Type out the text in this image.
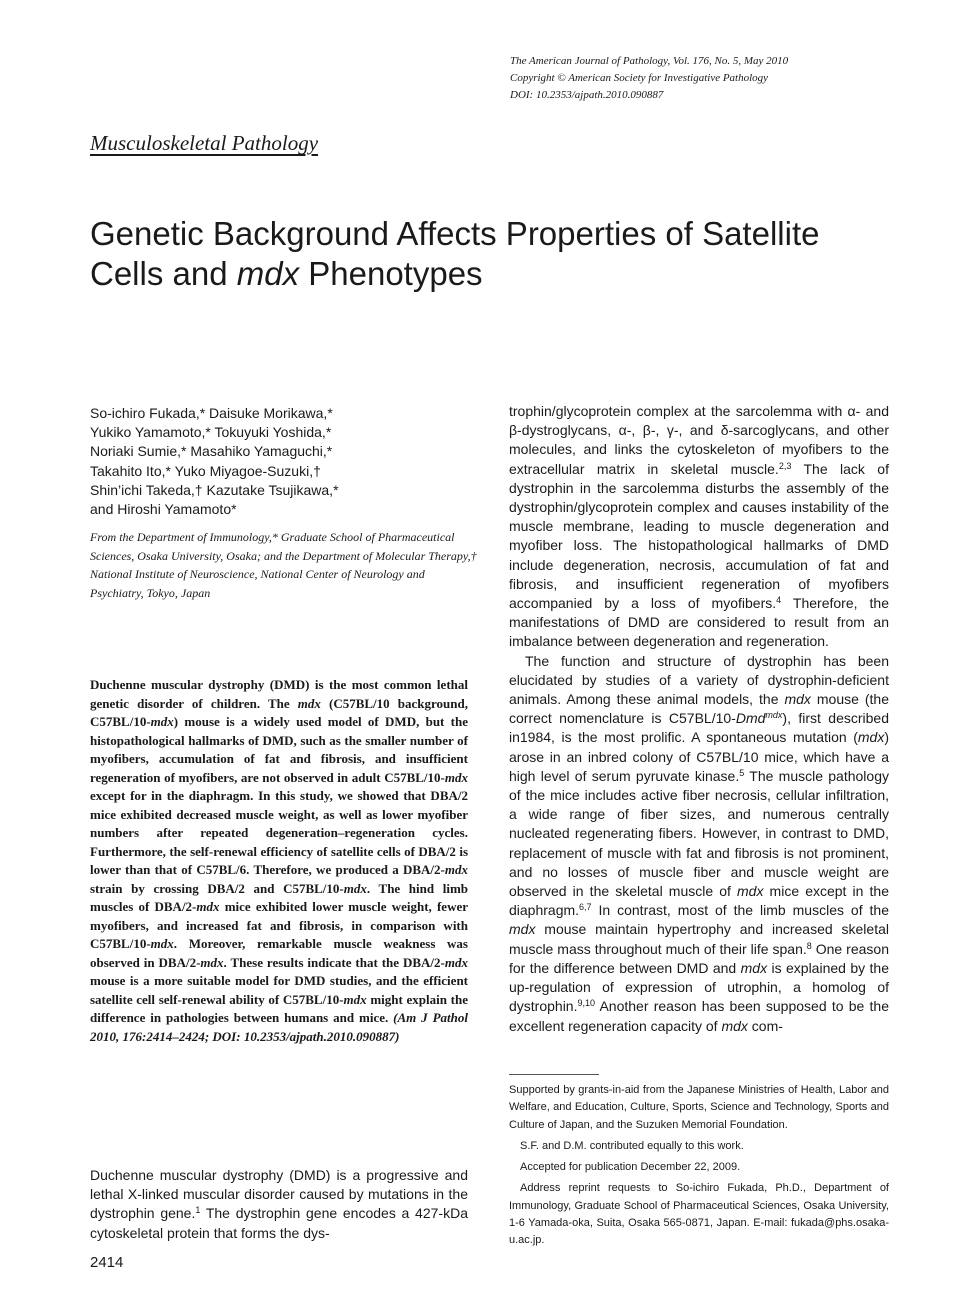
The American Journal of Pathology, Vol. 176, No. 5, May 2010
Copyright © American Society for Investigative Pathology
DOI: 10.2353/ajpath.2010.090887
Musculoskeletal Pathology
Genetic Background Affects Properties of Satellite Cells and mdx Phenotypes
So-ichiro Fukada,* Daisuke Morikawa,*
Yukiko Yamamoto,* Tokuyuki Yoshida,*
Noriaki Sumie,* Masahiko Yamaguchi,*
Takahito Ito,* Yuko Miyagoe-Suzuki,†
Shin’ichi Takeda,† Kazutake Tsujikawa,*
and Hiroshi Yamamoto*
From the Department of Immunology,* Graduate School of Pharmaceutical Sciences, Osaka University, Osaka; and the Department of Molecular Therapy,† National Institute of Neuroscience, National Center of Neurology and Psychiatry, Tokyo, Japan
Duchenne muscular dystrophy (DMD) is the most common lethal genetic disorder of children. The mdx (C57BL/10 background, C57BL/10-mdx) mouse is a widely used model of DMD, but the histopathological hallmarks of DMD, such as the smaller number of myofibers, accumulation of fat and fibrosis, and insufficient regeneration of myofibers, are not observed in adult C57BL/10-mdx except for in the diaphragm. In this study, we showed that DBA/2 mice exhibited decreased muscle weight, as well as lower myofiber numbers after repeated degeneration–regeneration cycles. Furthermore, the self-renewal efficiency of satellite cells of DBA/2 is lower than that of C57BL/6. Therefore, we produced a DBA/2-mdx strain by crossing DBA/2 and C57BL/10-mdx. The hind limb muscles of DBA/2-mdx mice exhibited lower muscle weight, fewer myofibers, and increased fat and fibrosis, in comparison with C57BL/10-mdx. Moreover, remarkable muscle weakness was observed in DBA/2-mdx. These results indicate that the DBA/2-mdx mouse is a more suitable model for DMD studies, and the efficient satellite cell self-renewal ability of C57BL/10-mdx might explain the difference in pathologies between humans and mice. (Am J Pathol 2010, 176:2414–2424; DOI: 10.2353/ajpath.2010.090887)
Duchenne muscular dystrophy (DMD) is a progressive and lethal X-linked muscular disorder caused by mutations in the dystrophin gene.$^1$ The dystrophin gene encodes a 427-kDa cytoskeletal protein that forms the dys-

trophin/glycoprotein complex at the sarcolemma with α- and β-dystroglycans, α-, β-, γ-, and δ-sarcoglycans, and other molecules, and links the cytoskeleton of myofibers to the extracellular matrix in skeletal muscle.$^{2,3}$ The lack of dystrophin in the sarcolemma disturbs the assembly of the dystrophin/glycoprotein complex and causes instability of the muscle membrane, leading to muscle degeneration and myofiber loss. The histopathological hallmarks of DMD include degeneration, necrosis, accumulation of fat and fibrosis, and insufficient regeneration of myofibers accompanied by a loss of myofibers.$^4$ Therefore, the manifestations of DMD are considered to result from an imbalance between degeneration and regeneration.

The function and structure of dystrophin has been elucidated by studies of a variety of dystrophin-deficient animals. Among these animal models, the mdx mouse (the correct nomenclature is C57BL/10-Dmd$^{mdx}$), first described in1984, is the most prolific. A spontaneous mutation (mdx) arose in an inbred colony of C57BL/10 mice, which have a high level of serum pyruvate kinase.$^5$ The muscle pathology of the mice includes active fiber necrosis, cellular infiltration, a wide range of fiber sizes, and numerous centrally nucleated regenerating fibers. However, in contrast to DMD, replacement of muscle with fat and fibrosis is not prominent, and no losses of muscle fiber and muscle weight are observed in the skeletal muscle of mdx mice except in the diaphragm.$^{6,7}$ In contrast, most of the limb muscles of the mdx mouse maintain hypertrophy and increased skeletal muscle mass throughout much of their life span.$^8$ One reason for the difference between DMD and mdx is explained by the up-regulation of expression of utrophin, a homolog of dystrophin.$^{9,10}$ Another reason has been supposed to be the excellent regeneration capacity of mdx com-

Supported by grants-in-aid from the Japanese Ministries of Health, Labor and Welfare, and Education, Culture, Sports, Science and Technology, Sports and Culture of Japan, and the Suzuken Memorial Foundation.

S.F. and D.M. contributed equally to this work.

Accepted for publication December 22, 2009.

Address reprint requests to So-ichiro Fukada, Ph.D., Department of Immunology, Graduate School of Pharmaceutical Sciences, Osaka University, 1-6 Yamada-oka, Suita, Osaka 565-0871, Japan. E-mail: fukada@phs.osaka-u.ac.jp.

2414
